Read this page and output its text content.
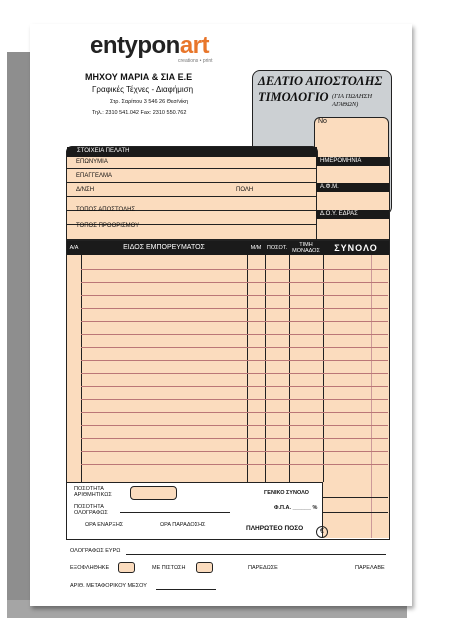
entyponart
creations • print
ΜΗΧΟΥ ΜΑΡΙΑ & ΣΙΑ Ε.Ε
Γραφικές Τέχνες - Διαφήμιση
Στρ. Σαρίπου 3 546 26 Θεσ/νίκη
Τηλ.: 2310 541.042 Fax: 2310 550.762
ΔΕΛΤΙΟ ΑΠΟΣΤΟΛΗΣ
ΤΙΜΟΛΟΓΙΟ (ΓΙΑ ΠΩΛΗΣΗ ΑΓΑΘΩΝ)
No
ΣΤΟΙΧΕΙΑ ΠΕΛΑΤΗ
ΕΠΩΝΥΜΙΑ
ΕΠΑΓΓΕΛΜΑ
Δ/ΝΣΗ	ΠΟΛΗ
ΤΟΠΟΣ ΑΠΟΣΤΟΛΗΣ
ΤΟΠΟΣ ΠΡΟΟΡΙΣΜΟΥ
ΗΜΕΡΟΜΗΝΙΑ
Α.Φ.Μ.
Δ.Ο.Υ. ΕΔΡΑΣ
Α/Α	ΕΙΔΟΣ ΕΜΠΟΡΕΥΜΑΤΟΣ	Μ/Μ	ΠΟΣΟΤ.	ΤΙΜΗ ΜΟΝΑΔΟΣ	ΣΥΝΟΛΟ
ΠΟΣΟΤΗΤΑ ΑΡΙΘΜΗΤΙΚΩΣ
ΠΟΣΟΤΗΤΑ ΟΛΟΓΡΑΦΩΣ
ΩΡΑ ΕΝΑΡΞΗΣ	ΩΡΑ ΠΑΡΑΔΟΣΗΣ
ΓΕΝΙΚΟ ΣΥΝΟΛΟ
Φ.Π.Α. ______ %
ΠΛΗΡΩΤΕΟ ΠΟΣΟ	€
ΟΛΟΓΡΑΦΩΣ ΕΥΡΩ
ΕΞΟΦΛΗΘΗΚΕ	ΜΕ ΠΙΣΤΩΣΗ	ΠΑΡΕΔΩΣΕ	ΠΑΡΕΛΑΒΕ
ΑΡΙΘ. ΜΕΤΑΦΟΡΙΚΟΥ ΜΕΣΟΥ
